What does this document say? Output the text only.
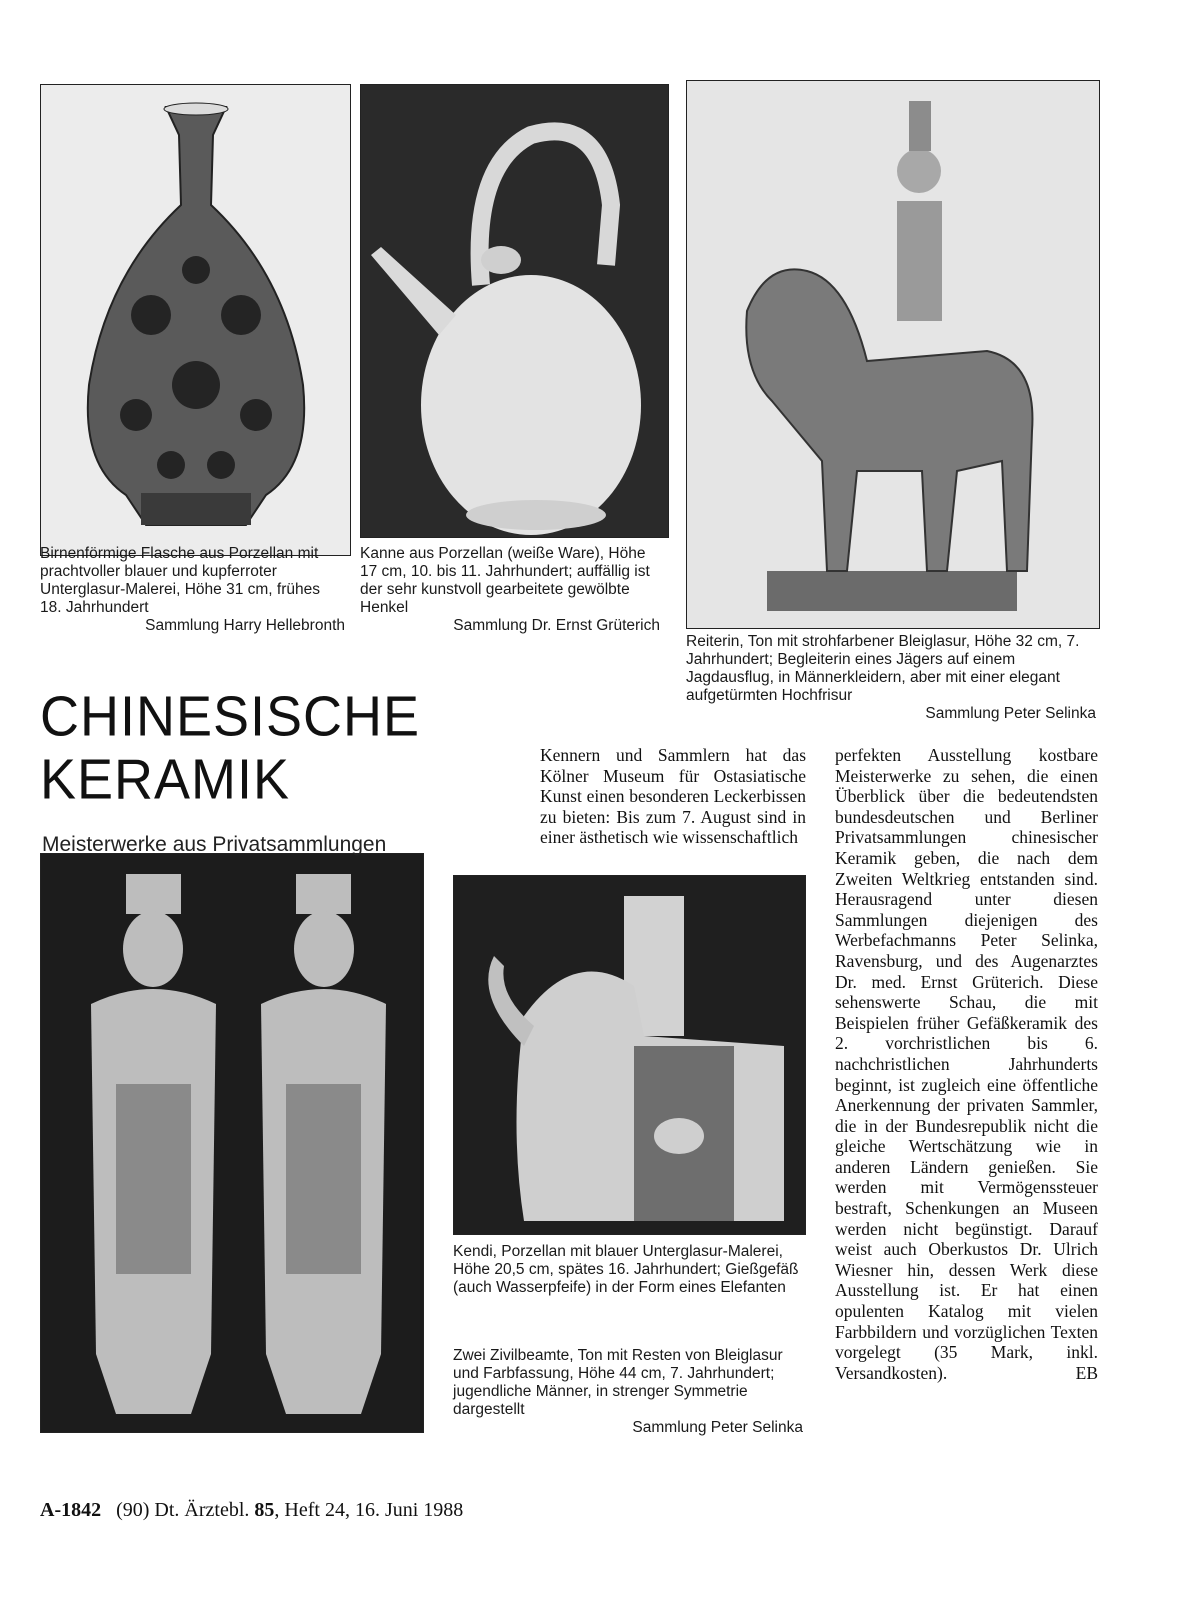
Birnenförmige Flasche aus Porzellan mit prachtvoller blauer und kupferroter Unterglasur-Malerei, Höhe 31 cm, frühes 18. Jahrhundert
Sammlung Harry Hellebronth

Kanne aus Porzellan (weiße Ware), Höhe 17 cm, 10. bis 11. Jahrhundert; auffällig ist der sehr kunstvoll gearbeitete gewölbte Henkel
Sammlung Dr. Ernst Grüterich

Reiterin, Ton mit strohfarbener Bleiglasur, Höhe 32 cm, 7. Jahrhundert; Begleiterin eines Jägers auf einem Jagdausflug, in Männerkleidern, aber mit einer elegant aufgetürmten Hochfrisur
Sammlung Peter Selinka

Kendi, Porzellan mit blauer Unterglasur-Malerei, Höhe 20,5 cm, spätes 16. Jahrhundert; Gießgefäß (auch Wasserpfeife) in der Form eines Elefanten

Zwei Zivilbeamte, Ton mit Resten von Bleiglasur und Farbfassung, Höhe 44 cm, 7. Jahrhundert; jugendliche Männer, in strenger Symmetrie dargestellt
Sammlung Peter Selinka

CHINESISCHE
KERAMIK

Meisterwerke aus Privatsammlungen

Kennern und Sammlern hat das Kölner Museum für Ostasiatische Kunst einen besonderen Leckerbissen zu bieten: Bis zum 7. August sind in einer ästhetisch wie wissenschaftlich

perfekten Ausstellung kostbare Meisterwerke zu sehen, die einen Überblick über die bedeutendsten bundesdeutschen und Berliner Privatsammlungen chinesischer Keramik geben, die nach dem Zweiten Weltkrieg entstanden sind. Herausragend unter diesen Sammlungen diejenigen des Werbefachmanns Peter Selinka, Ravensburg, und des Augenarztes Dr. med. Ernst Grüterich. Diese sehenswerte Schau, die mit Beispielen früher Gefäßkeramik des 2. vorchristlichen bis 6. nachchristlichen Jahrhunderts beginnt, ist zugleich eine öffentliche Anerkennung der privaten Sammler, die in der Bundesrepublik nicht die gleiche Wertschätzung wie in anderen Ländern genießen. Sie werden mit Vermögenssteuer bestraft, Schenkungen an Museen werden nicht begünstigt. Darauf weist auch Oberkustos Dr. Ulrich Wiesner hin, dessen Werk diese Ausstellung ist. Er hat einen opulenten Katalog mit vielen Farbbildern und vorzüglichen Texten vorgelegt (35 Mark, inkl. Versandkosten).	EB
A-1842 (90) Dt. Ärztebl. 85, Heft 24, 16. Juni 1988
